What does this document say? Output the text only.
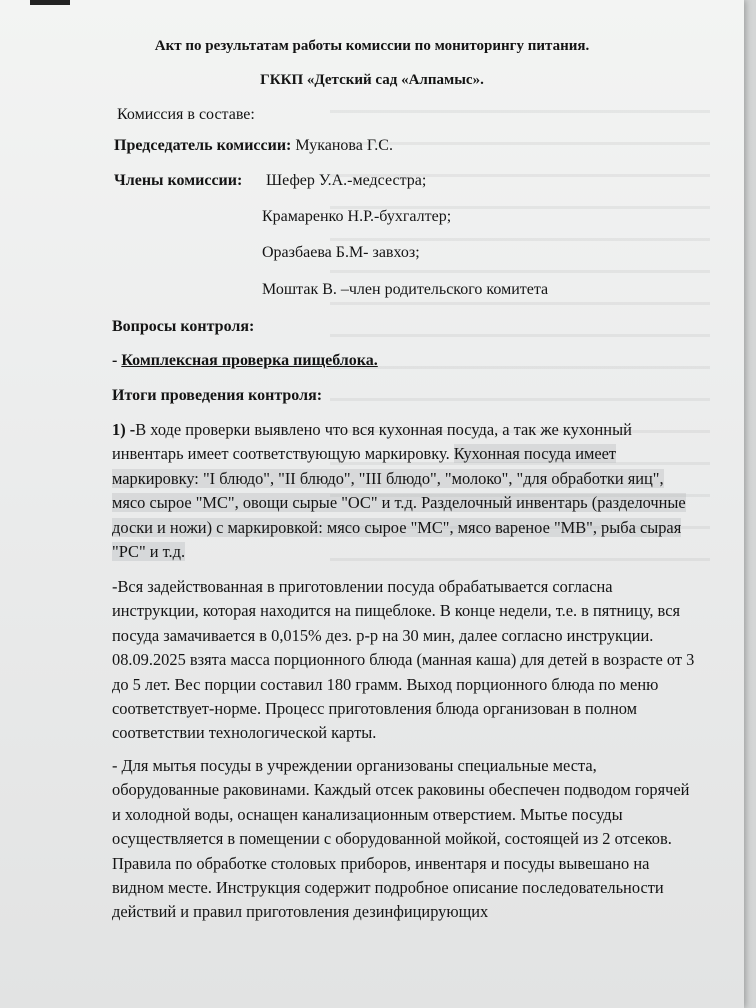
Акт по результатам работы комиссии по мониторингу питания.
ГККП «Детский сад «Алпамыс».
Комиссия в составе:
Председатель комиссии: Муканова Г.С.
Члены комиссии: Шефер У.А.-медсестра;
Крамаренко Н.Р.-бухгалтер;
Оразбаева Б.М- завхоз;
Моштак В. –член родительского комитета
Вопросы контроля:
- Комплексная проверка пищеблока.
Итоги проведения контроля:
1) -В ходе проверки выявлено что вся кухонная посуда, а так же кухонный инвентарь имеет соответствующую маркировку. Кухонная посуда имеет маркировку: "I блюдо", "II блюдо", "III блюдо", "молоко", "для обработки яиц", мясо сырое "МС", овощи сырые "ОС" и т.д. Разделочный инвентарь (разделочные доски и ножи) с маркировкой: мясо сырое "МС", мясо вареное "МВ", рыба сырая "РС" и т.д.
-Вся задействованная в приготовлении посуда обрабатывается согласна инструкции, которая находится на пищеблоке. В конце недели, т.е. в пятницу, вся посуда замачивается в 0,015% дез. р-р на 30 мин, далее согласно инструкции. 08.09.2025 взята масса порционного блюда (манная каша) для детей в возрасте от 3 до 5 лет. Вес порции составил 180 грамм. Выход порционного блюда по меню соответствует-норме. Процесс приготовления блюда организован в полном соответствии технологической карты.
- Для мытья посуды в учреждении организованы специальные места, оборудованные раковинами. Каждый отсек раковины обеспечен подводом горячей и холодной воды, оснащен канализационным отверстием. Мытье посуды осуществляется в помещении с оборудованной мойкой, состоящей из 2 отсеков. Правила по обработке столовых приборов, инвентаря и посуды вывешано на видном месте. Инструкция содержит подробное описание последовательности действий и правил приготовления дезинфицирующих
